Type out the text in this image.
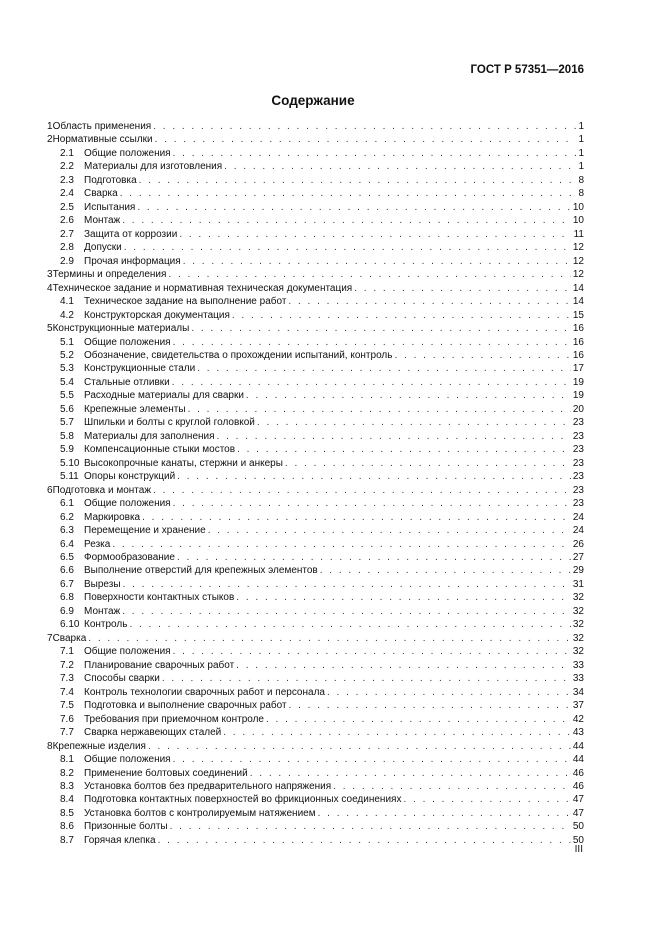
ГОСТ Р 57351—2016

Содержание
1 Область применения . . .	1
2 Нормативные ссылки . . .	1
2.1	Общие положения . . .	1
2.2	Материалы для изготовления . . .	1
2.3	Подготовка . . .	8
2.4	Сварка . . .	8
2.5	Испытания . . .	10
2.6	Монтаж . . .	10
2.7	Защита от коррозии . . .	11
2.8	Допуски . . .	12
2.9	Прочая информация . . .	12
3 Термины и определения . . .	12
4 Техническое задание и нормативная техническая документация . . .	14
4.1	Техническое задание на выполнение работ . . .	14
4.2	Конструкторская документация . . .	15
5 Конструкционные материалы . . .	16
5.1	Общие положения . . .	16
5.2	Обозначение, свидетельства о прохождении испытаний, контроль . . .	16
5.3	Конструкционные стали . . .	17
5.4	Стальные отливки . . .	19
5.5	Расходные материалы для сварки . . .	19
5.6	Крепежные элементы . . .	20
5.7	Шпильки и болты с круглой головкой . . .	23
5.8	Материалы для заполнения . . .	23
5.9	Компенсационные стыки мостов . . .	23
5.10 Высокопрочные канаты, стержни и анкеры . . .	23
5.11 Опоры конструкций . . .	23
6 Подготовка и монтаж . . .	23
6.1	Общие положения . . .	23
6.2	Маркировка . . .	24
6.3	Перемещение и хранение . . .	24
6.4	Резка . . .	26
6.5	Формообразование . . .	27
6.6	Выполнение отверстий для крепежных элементов . . .	29
6.7	Вырезы . . .	31
6.8	Поверхности контактных стыков . . .	32
6.9	Монтаж . . .	32
6.10 Контроль . . .	32
7 Сварка . . .	32
7.1	Общие положения . . .	32
7.2	Планирование сварочных работ . . .	33
7.3	Способы сварки . . .	33
7.4	Контроль технологии сварочных работ и персонала . . .	34
7.5	Подготовка и выполнение сварочных работ . . .	37
7.6	Требования при приемочном контроле . . .	42
7.7	Сварка нержавеющих сталей . . .	43
8 Крепежные изделия . . .	44
8.1	Общие положения . . .	44
8.2	Применение болтовых соединений . . .	46
8.3	Установка болтов без предварительного напряжения . . .	46
8.4	Подготовка контактных поверхностей во фрикционных соединениях . . .	47
8.5	Установка болтов с контролируемым натяжением . . .	47
8.6	Призонные болты . . .	50
8.7	Горячая клепка . . .	50

III
